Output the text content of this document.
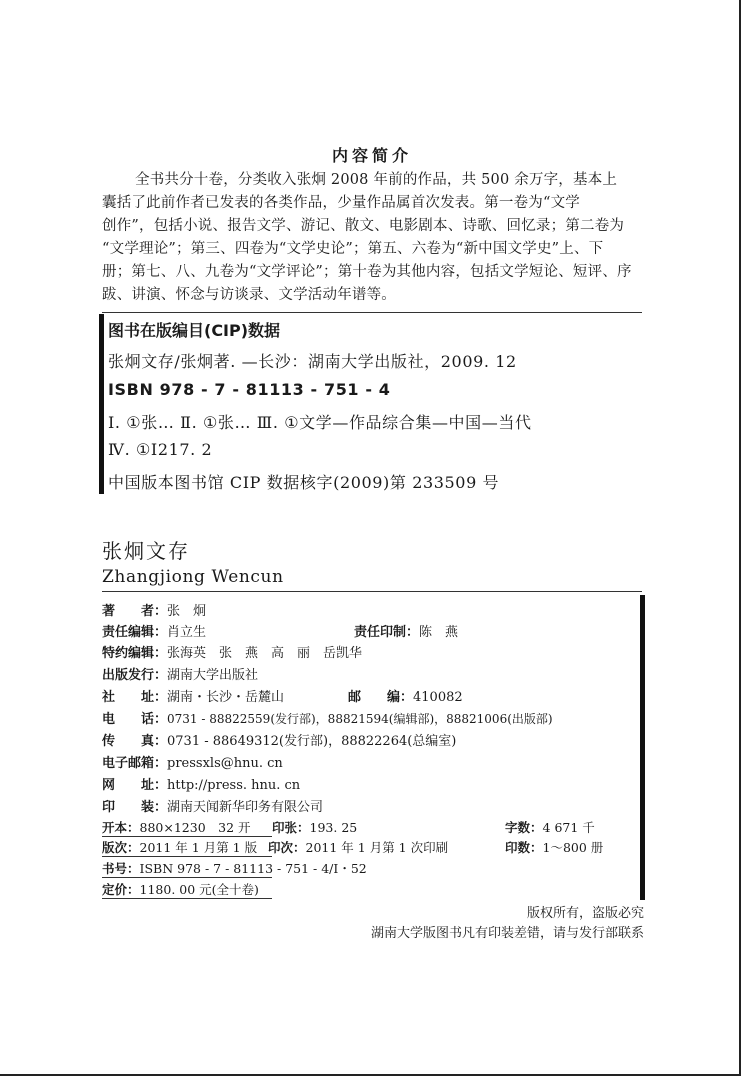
内容简介
全书共分十卷，分类收入张炯 2008 年前的作品，共 500 余万字，基本上
囊括了此前作者已发表的各类作品，少量作品属首次发表。第一卷为“文学
创作”，包括小说、报告文学、游记、散文、电影剧本、诗歌、回忆录；第二卷为
“文学理论”；第三、四卷为“文学史论”；第五、六卷为“新中国文学史”上、下
册；第七、八、九卷为“文学评论”；第十卷为其他内容，包括文学短论、短评、序
跋、讲演、怀念与访谈录、文学活动年谱等。
图书在版编目(CIP)数据
张炯文存/张炯著. —长沙：湖南大学出版社，2009. 12
ISBN 978 - 7 - 81113 - 751 - 4
Ⅰ. ①张… Ⅱ. ①张… Ⅲ. ①文学—作品综合集—中国—当代
Ⅳ. ①I217. 2
中国版本图书馆 CIP 数据核字(2009)第 233509 号
张炯文存
Zhangjiong Wencun
著　　者：张　炯
责任编辑：肖立生	责任印制：陈　燕
特约编辑：张海英　张　燕　高　丽　岳凯华
出版发行：湖南大学出版社
社　　址：湖南・长沙・岳麓山	邮　　编：410082
电　　话：0731 - 88822559(发行部)，88821594(编辑部)，88821006(出版部)
传　　真：0731 - 88649312(发行部)，88822264(总编室)
电子邮箱：pressxls@hnu. cn
网　　址：http://press. hnu. cn
印　　装：湖南天闻新华印务有限公司
开本：880×1230　32 开 印张：193. 25	字数：4 671 千
版次：2011 年 1 月第 1 版 印次：2011 年 1 月第 1 次印刷	印数：1～800 册
书号：ISBN 978 - 7 - 81113 - 751 - 4/I・52
定价：1180. 00 元(全十卷)
版权所有，盗版必究
湖南大学版图书凡有印装差错，请与发行部联系
